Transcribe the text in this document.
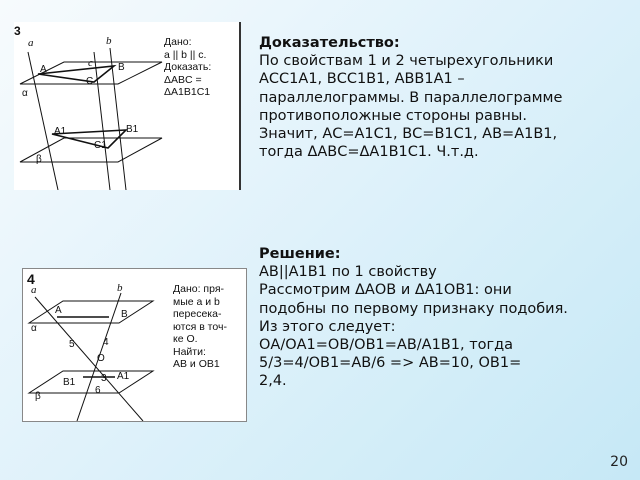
a	b
c
A	B
C
α
A1	B1
C1
β
3
Дано:
a || b || c.
Доказать:
ΔABC =
ΔA1B1C1
a	b
A	B
α
5	4
O
B1
A1
3
6
β
4
Дано: пря-
мые a и b
пересека-
ются в точ-
ке O.
Найти:
AB и OB1
Доказательство:
По свойствам 1 и 2 четырехугольники
АСС1А1, ВСС1В1, АВВ1А1 –
параллелограммы. В параллелограмме
противоположные стороны равны.
Значит, АС=А1С1, ВС=В1С1, АВ=А1В1,
тогда ΔАВС=ΔА1В1С1. Ч.т.д.
Решение:
АВ||А1В1 по 1 свойству
Рассмотрим ΔАОВ и ΔА1ОВ1: они
подобны по первому признаку подобия.
Из этого следует:
ОА/ОА1=ОВ/ОВ1=АВ/А1В1, тогда
5/3=4/ОВ1=АВ/6 => АВ=10, ОВ1=
2,4.
20
